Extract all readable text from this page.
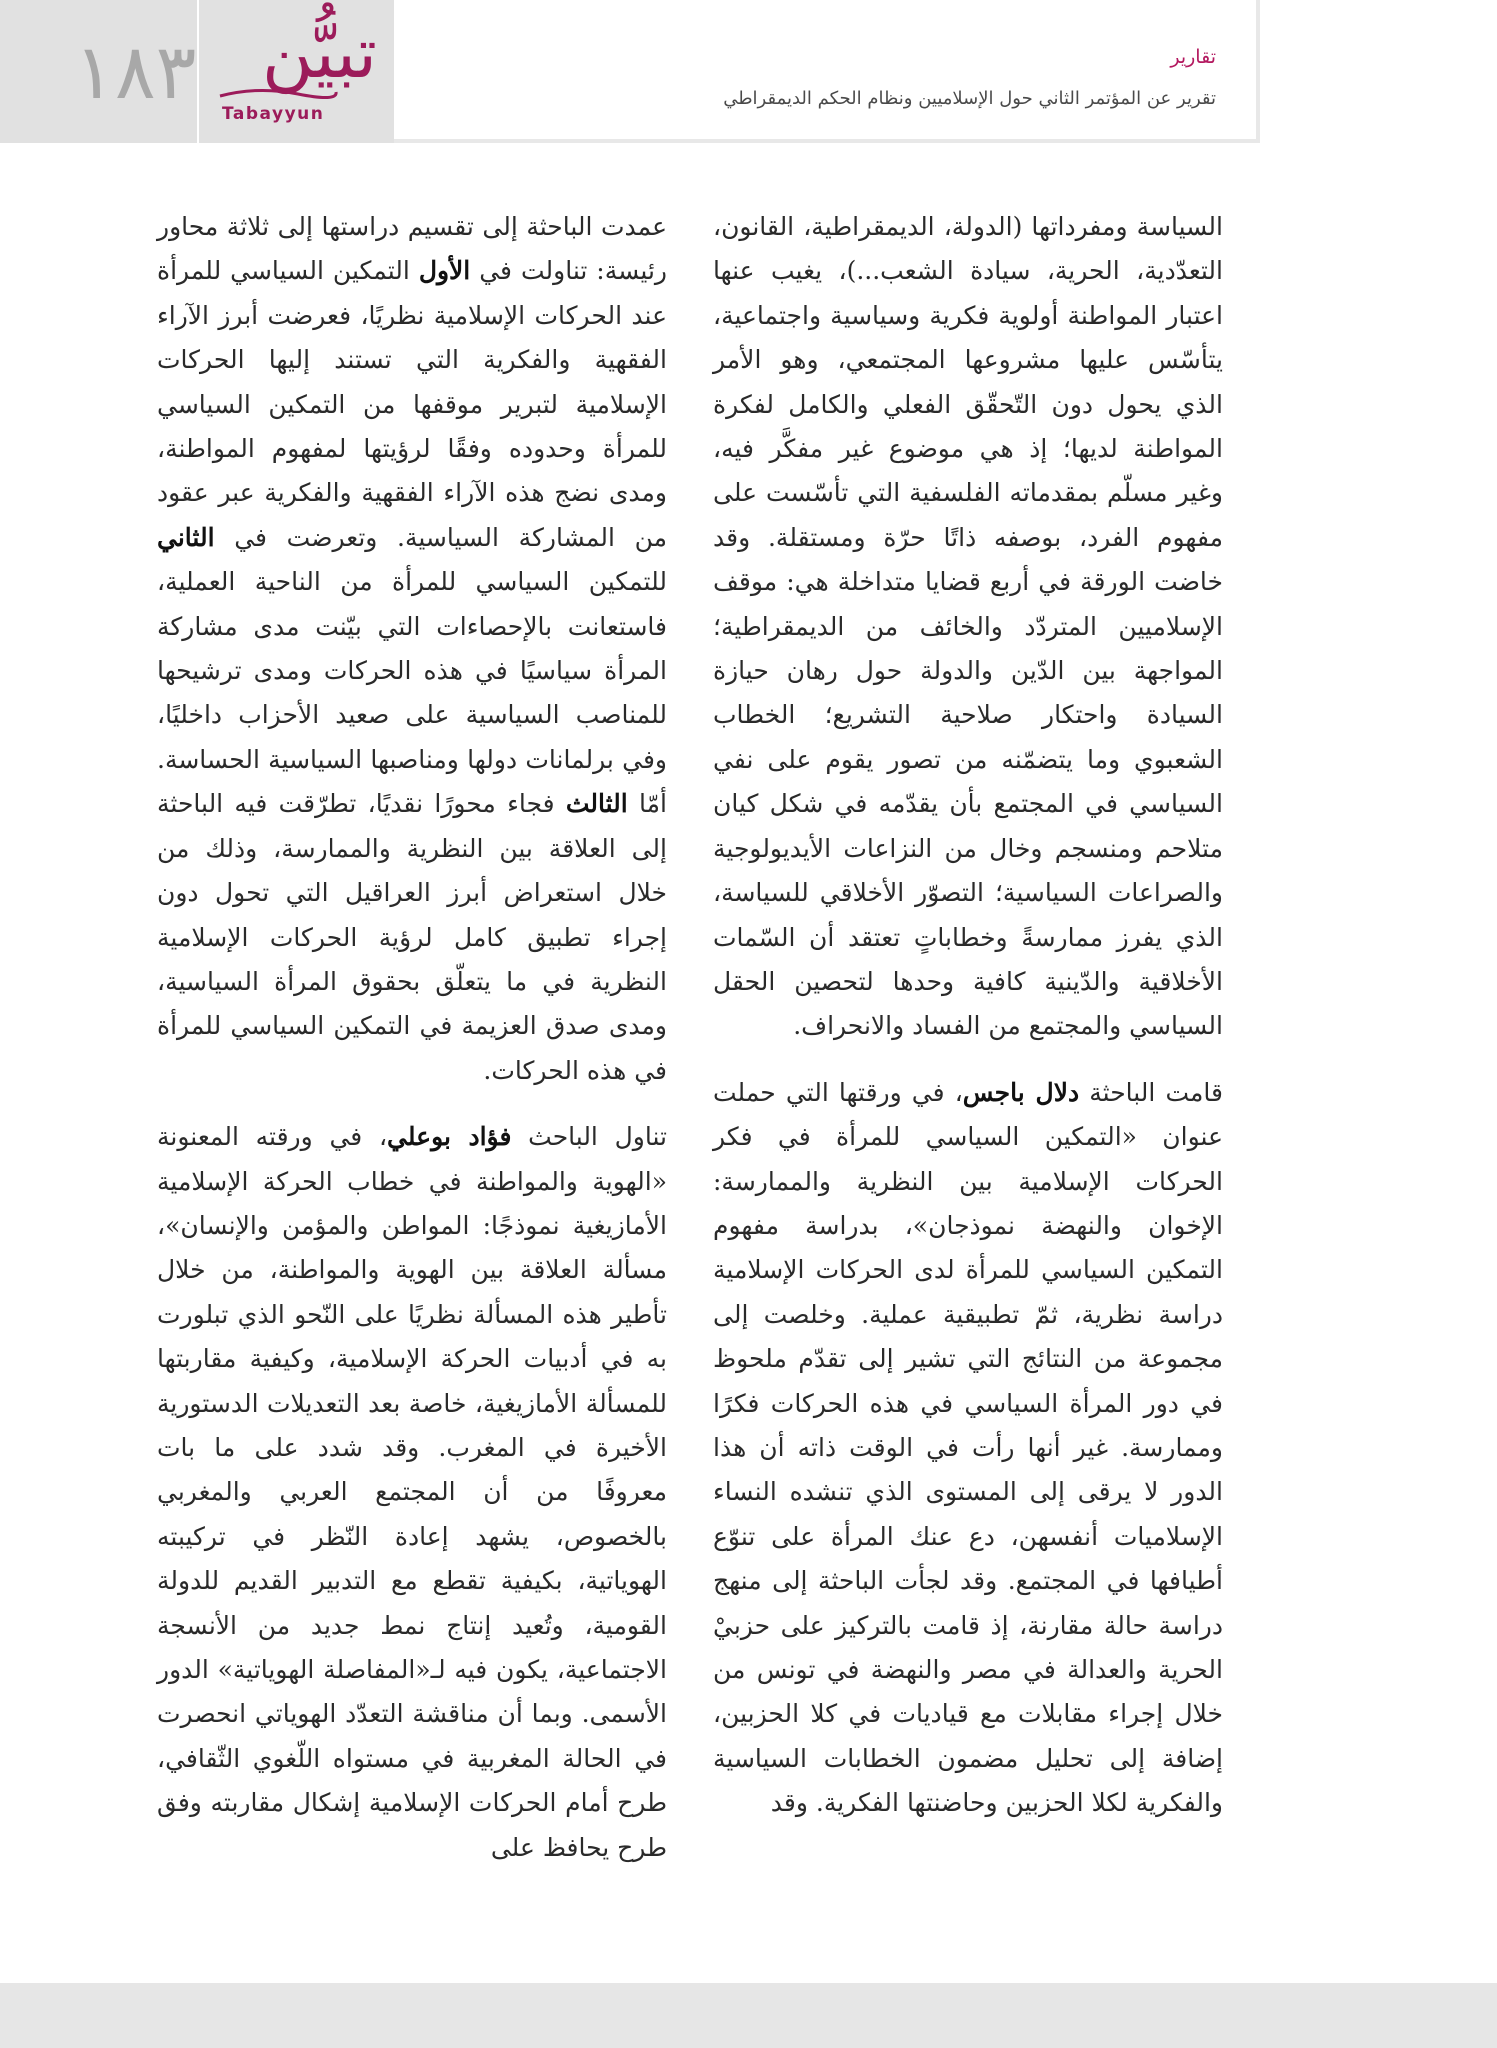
١٨٣ تبيُّن
Tabayyun
تقارير
تقرير عن المؤتمر الثاني حول الإسلاميين ونظام الحكم الديمقراطي

السياسة ومفرداتها (الدولة، الديمقراطية، القانون، التعدّدية، الحرية، سيادة الشعب...)، يغيب عنها اعتبار المواطنة أولوية فكرية وسياسية واجتماعية، يتأسّس عليها مشروعها المجتمعي، وهو الأمر الذي يحول دون التّحقّق الفعلي والكامل لفكرة المواطنة لديها؛ إذ هي موضوع غير مفكَّر فيه، وغير مسلّم بمقدماته الفلسفية التي تأسّست على مفهوم الفرد، بوصفه ذاتًا حرّة ومستقلة. وقد خاضت الورقة في أربع قضايا متداخلة هي: موقف الإسلاميين المتردّد والخائف من الديمقراطية؛ المواجهة بين الدّين والدولة حول رهان حيازة السيادة واحتكار صلاحية التشريع؛ الخطاب الشعبوي وما يتضمّنه من تصور يقوم على نفي السياسي في المجتمع بأن يقدّمه في شكل كيان متلاحم ومنسجم وخال من النزاعات الأيديولوجية والصراعات السياسية؛ التصوّر الأخلاقي للسياسة، الذي يفرز ممارسةً وخطاباتٍ تعتقد أن السّمات الأخلاقية والدّينية كافية وحدها لتحصين الحقل السياسي والمجتمع من الفساد والانحراف.

قامت الباحثة دلال باجس، في ورقتها التي حملت عنوان «التمكين السياسي للمرأة في فكر الحركات الإسلامية بين النظرية والممارسة: الإخوان والنهضة نموذجان»، بدراسة مفهوم التمكين السياسي للمرأة لدى الحركات الإسلامية دراسة نظرية، ثمّ تطبيقية عملية. وخلصت إلى مجموعة من النتائج التي تشير إلى تقدّم ملحوظ في دور المرأة السياسي في هذه الحركات فكرًا وممارسة. غير أنها رأت في الوقت ذاته أن هذا الدور لا يرقى إلى المستوى الذي تنشده النساء الإسلاميات أنفسهن، دع عنك المرأة على تنوّع أطيافها في المجتمع. وقد لجأت الباحثة إلى منهج دراسة حالة مقارنة، إذ قامت بالتركيز على حزبيْ الحرية والعدالة في مصر والنهضة في تونس من خلال إجراء مقابلات مع قياديات في كلا الحزبين، إضافة إلى تحليل مضمون الخطابات السياسية والفكرية لكلا الحزبين وحاضنتها الفكرية. وقد

عمدت الباحثة إلى تقسيم دراستها إلى ثلاثة محاور رئيسة: تناولت في الأول التمكين السياسي للمرأة عند الحركات الإسلامية نظريًا، فعرضت أبرز الآراء الفقهية والفكرية التي تستند إليها الحركات الإسلامية لتبرير موقفها من التمكين السياسي للمرأة وحدوده وفقًا لرؤيتها لمفهوم المواطنة، ومدى نضج هذه الآراء الفقهية والفكرية عبر عقود من المشاركة السياسية. وتعرضت في الثاني للتمكين السياسي للمرأة من الناحية العملية، فاستعانت بالإحصاءات التي بيّنت مدى مشاركة المرأة سياسيًا في هذه الحركات ومدى ترشيحها للمناصب السياسية على صعيد الأحزاب داخليًا، وفي برلمانات دولها ومناصبها السياسية الحساسة. أمّا الثالث فجاء محورًا نقديًا، تطرّقت فيه الباحثة إلى العلاقة بين النظرية والممارسة، وذلك من خلال استعراض أبرز العراقيل التي تحول دون إجراء تطبيق كامل لرؤية الحركات الإسلامية النظرية في ما يتعلّق بحقوق المرأة السياسية، ومدى صدق العزيمة في التمكين السياسي للمرأة في هذه الحركات.

تناول الباحث فؤاد بوعلي، في ورقته المعنونة «الهوية والمواطنة في خطاب الحركة الإسلامية الأمازيغية نموذجًا: المواطن والمؤمن والإنسان»، مسألة العلاقة بين الهوية والمواطنة، من خلال تأطير هذه المسألة نظريًا على النّحو الذي تبلورت به في أدبيات الحركة الإسلامية، وكيفية مقاربتها للمسألة الأمازيغية، خاصة بعد التعديلات الدستورية الأخيرة في المغرب. وقد شدد على ما بات معروفًا من أن المجتمع العربي والمغربي بالخصوص، يشهد إعادة النّظر في تركيبته الهوياتية، بكيفية تقطع مع التدبير القديم للدولة القومية، وتُعيد إنتاج نمط جديد من الأنسجة الاجتماعية، يكون فيه لـ«المفاصلة الهوياتية» الدور الأسمى. وبما أن مناقشة التعدّد الهوياتي انحصرت في الحالة المغربية في مستواه اللّغوي الثّقافي، طرح أمام الحركات الإسلامية إشكال مقاربته وفق طرح يحافظ على
